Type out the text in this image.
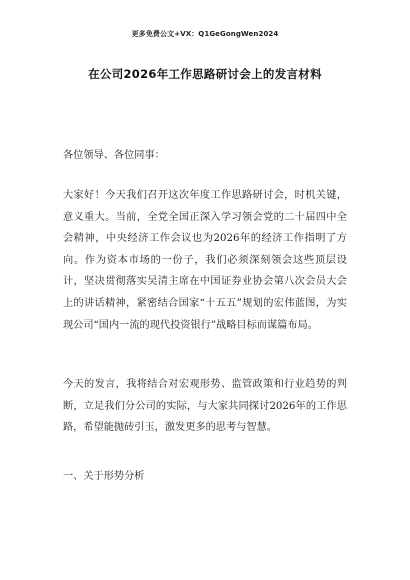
更多免费公文+VX：Q1GeGongWen2024
在公司2026年工作思路研讨会上的发言材料
各位领导、各位同事：
大家好！今天我们召开这次年度工作思路研讨会，时机关键，意义重大。当前，全党全国正深入学习领会党的二十届四中全会精神，中央经济工作会议也为2026年的经济工作指明了方向。作为资本市场的一份子，我们必须深刻领会这些顶层设计，坚决贯彻落实吴清主席在中国证券业协会第八次会员大会上的讲话精神，紧密结合国家“十五五”规划的宏伟蓝图，为实现公司“国内一流的现代投资银行”战略目标而谋篇布局。
今天的发言，我将结合对宏观形势、监管政策和行业趋势的判断，立足我们分公司的实际，与大家共同探讨2026年的工作思路，希望能抛砖引玉，激发更多的思考与智慧。
一、关于形势分析
